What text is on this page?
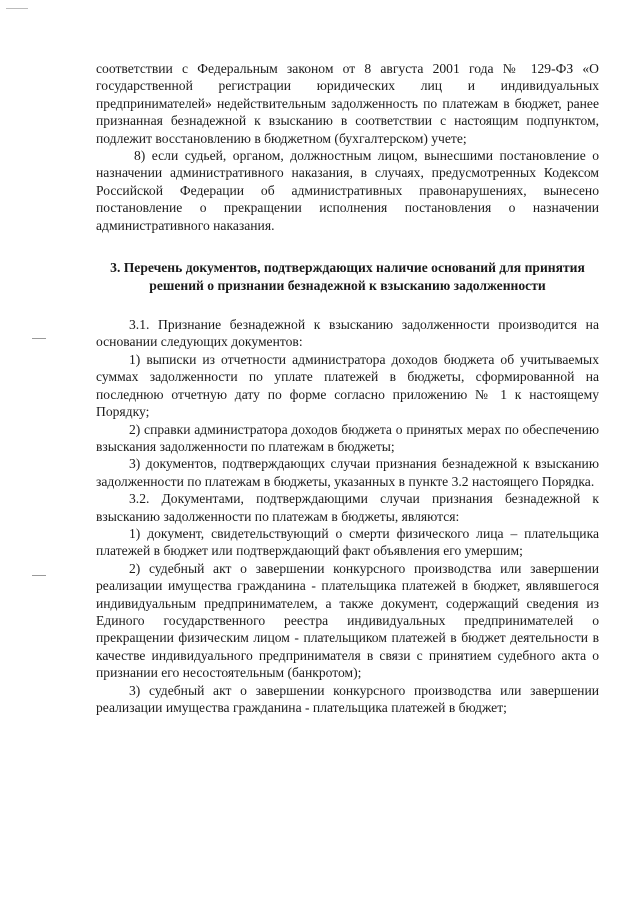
соответствии с Федеральным законом от 8 августа 2001 года № 129-ФЗ «О государственной регистрации юридических лиц и индивидуальных предпринимателей» недействительным задолженность по платежам в бюджет, ранее признанная безнадежной к взысканию в соответствии с настоящим подпунктом, подлежит восстановлению в бюджетном (бухгалтерском) учете;

8) если судьей, органом, должностным лицом, вынесшими постановление о назначении административного наказания, в случаях, предусмотренных Кодексом Российской Федерации об административных правонарушениях, вынесено постановление о прекращении исполнения постановления о назначении административного наказания.

3. Перечень документов, подтверждающих наличие оснований для принятия решений о признании безнадежной к взысканию задолженности

3.1. Признание безнадежной к взысканию задолженности производится на основании следующих документов:

1) выписки из отчетности администратора доходов бюджета об учитываемых суммах задолженности по уплате платежей в бюджеты, сформированной на последнюю отчетную дату по форме согласно приложению № 1 к настоящему Порядку;

2) справки администратора доходов бюджета о принятых мерах по обеспечению взыскания задолженности по платежам в бюджеты;

3) документов, подтверждающих случаи признания безнадежной к взысканию задолженности по платежам в бюджеты, указанных в пункте 3.2 настоящего Порядка.

3.2. Документами, подтверждающими случаи признания безнадежной к взысканию задолженности по платежам в бюджеты, являются:

1) документ, свидетельствующий о смерти физического лица – плательщика платежей в бюджет или подтверждающий факт объявления его умершим;

2) судебный акт о завершении конкурсного производства или завершении реализации имущества гражданина - плательщика платежей в бюджет, являвшегося индивидуальным предпринимателем, а также документ, содержащий сведения из Единого государственного реестра индивидуальных предпринимателей о прекращении физическим лицом - плательщиком платежей в бюджет деятельности в качестве индивидуального предпринимателя в связи с принятием судебного акта о признании его несостоятельным (банкротом);

3) судебный акт о завершении конкурсного производства или завершении реализации имущества гражданина - плательщика платежей в бюджет;
